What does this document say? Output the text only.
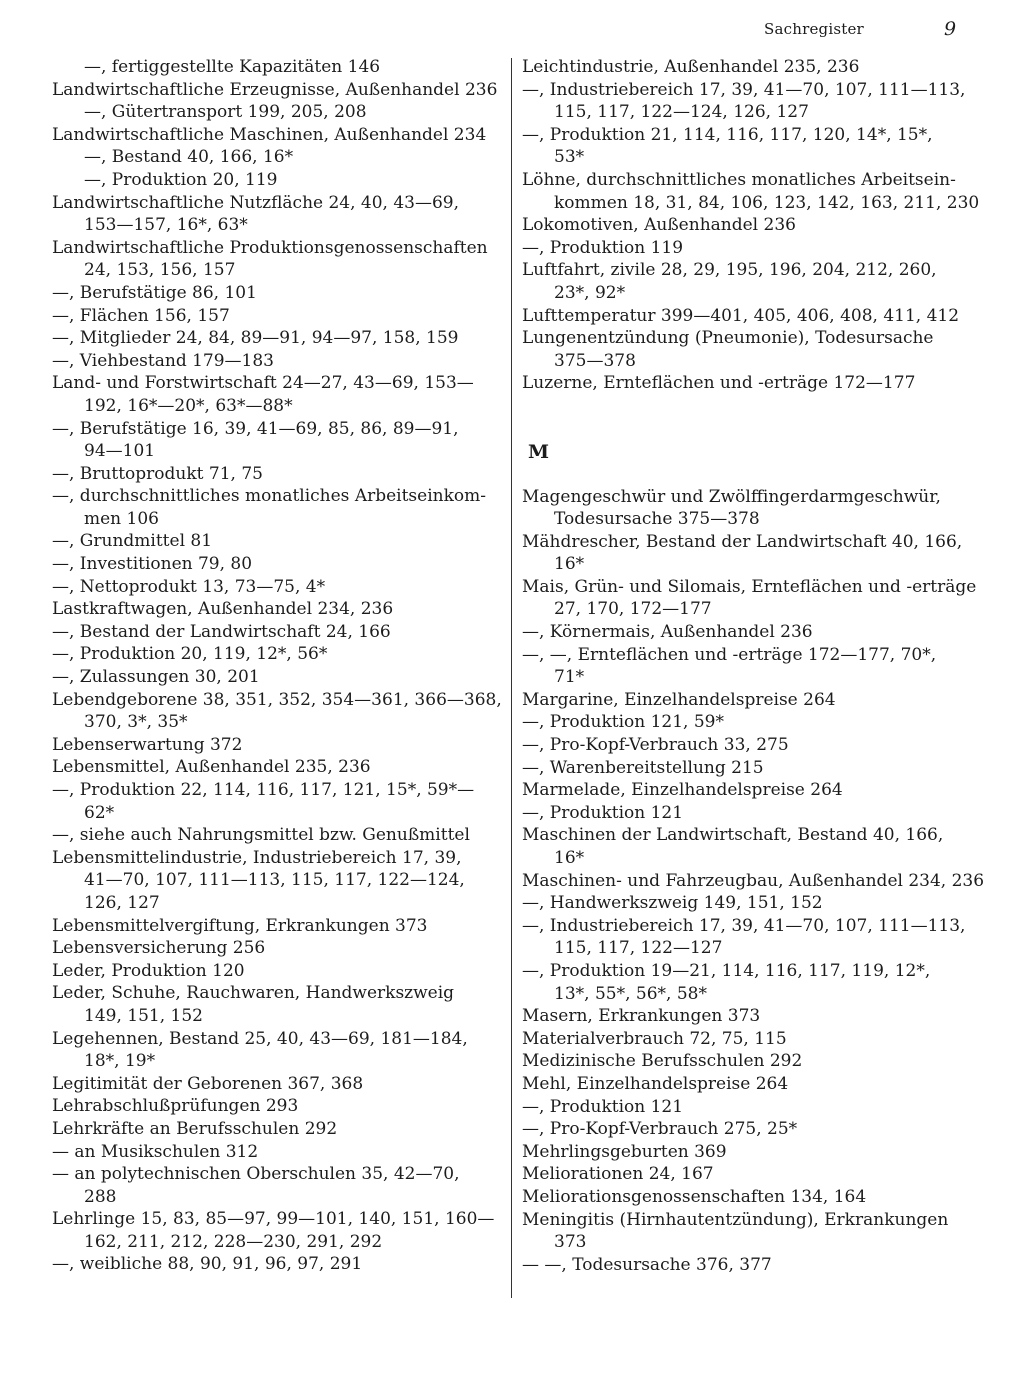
Sachregister	9
—, fertiggestellte Kapazitäten 146
Landwirtschaftliche Erzeugnisse, Außenhandel 236
—, Gütertransport 199, 205, 208
Landwirtschaftliche Maschinen, Außenhandel 234
—, Bestand 40, 166, 16*
—, Produktion 20, 119
Landwirtschaftliche Nutzfläche 24, 40, 43—69,
153—157, 16*, 63*
Landwirtschaftliche Produktionsgenossenschaften
24, 153, 156, 157
—, Berufstätige 86, 101
—, Flächen 156, 157
—, Mitglieder 24, 84, 89—91, 94—97, 158, 159
—, Viehbestand 179—183
Land- und Forstwirtschaft 24—27, 43—69, 153—
192, 16*—20*, 63*—88*
—, Berufstätige 16, 39, 41—69, 85, 86, 89—91,
94—101
—, Bruttoprodukt 71, 75
—, durchschnittliches monatliches Arbeitseinkom-
men 106
—, Grundmittel 81
—, Investitionen 79, 80
—, Nettoprodukt 13, 73—75, 4*
Lastkraftwagen, Außenhandel 234, 236
—, Bestand der Landwirtschaft 24, 166
—, Produktion 20, 119, 12*, 56*
—, Zulassungen 30, 201
Lebendgeborene 38, 351, 352, 354—361, 366—368,
370, 3*, 35*
Lebenserwartung 372
Lebensmittel, Außenhandel 235, 236
—, Produktion 22, 114, 116, 117, 121, 15*, 59*—
62*
—, siehe auch Nahrungsmittel bzw. Genußmittel
Lebensmittelindustrie, Industriebereich 17, 39,
41—70, 107, 111—113, 115, 117, 122—124,
126, 127
Lebensmittelvergiftung, Erkrankungen 373
Lebensversicherung 256
Leder, Produktion 120
Leder, Schuhe, Rauchwaren, Handwerkszweig
149, 151, 152
Legehennen, Bestand 25, 40, 43—69, 181—184,
18*, 19*
Legitimität der Geborenen 367, 368
Lehrabschlußprüfungen 293
Lehrkräfte an Berufsschulen 292
— an Musikschulen 312
— an polytechnischen Oberschulen 35, 42—70,
288
Lehrlinge 15, 83, 85—97, 99—101, 140, 151, 160—
162, 211, 212, 228—230, 291, 292
—, weibliche 88, 90, 91, 96, 97, 291
Leichtindustrie, Außenhandel 235, 236
—, Industriebereich 17, 39, 41—70, 107, 111—113,
115, 117, 122—124, 126, 127
—, Produktion 21, 114, 116, 117, 120, 14*, 15*,
53*
Löhne, durchschnittliches monatliches Arbeitsein-
kommen 18, 31, 84, 106, 123, 142, 163, 211, 230
Lokomotiven, Außenhandel 236
—, Produktion 119
Luftfahrt, zivile 28, 29, 195, 196, 204, 212, 260,
23*, 92*
Lufttemperatur 399—401, 405, 406, 408, 411, 412
Lungenentzündung (Pneumonie), Todesursache
375—378
Luzerne, Ernteflächen und -erträge 172—177
M
Magengeschwür und Zwölffingerdarmgeschwür,
Todesursache 375—378
Mähdrescher, Bestand der Landwirtschaft 40, 166,
16*
Mais, Grün- und Silomais, Ernteflächen und -erträge
27, 170, 172—177
—, Körnermais, Außenhandel 236
—, —, Ernteflächen und -erträge 172—177, 70*,
71*
Margarine, Einzelhandelspreise 264
—, Produktion 121, 59*
—, Pro-Kopf-Verbrauch 33, 275
—, Warenbereitstellung 215
Marmelade, Einzelhandelspreise 264
—, Produktion 121
Maschinen der Landwirtschaft, Bestand 40, 166,
16*
Maschinen- und Fahrzeugbau, Außenhandel 234, 236
—, Handwerkszweig 149, 151, 152
—, Industriebereich 17, 39, 41—70, 107, 111—113,
115, 117, 122—127
—, Produktion 19—21, 114, 116, 117, 119, 12*,
13*, 55*, 56*, 58*
Masern, Erkrankungen 373
Materialverbrauch 72, 75, 115
Medizinische Berufsschulen 292
Mehl, Einzelhandelspreise 264
—, Produktion 121
—, Pro-Kopf-Verbrauch 275, 25*
Mehrlingsgeburten 369
Meliorationen 24, 167
Meliorationsgenossenschaften 134, 164
Meningitis (Hirnhautentzündung), Erkrankungen
373
— —, Todesursache 376, 377
